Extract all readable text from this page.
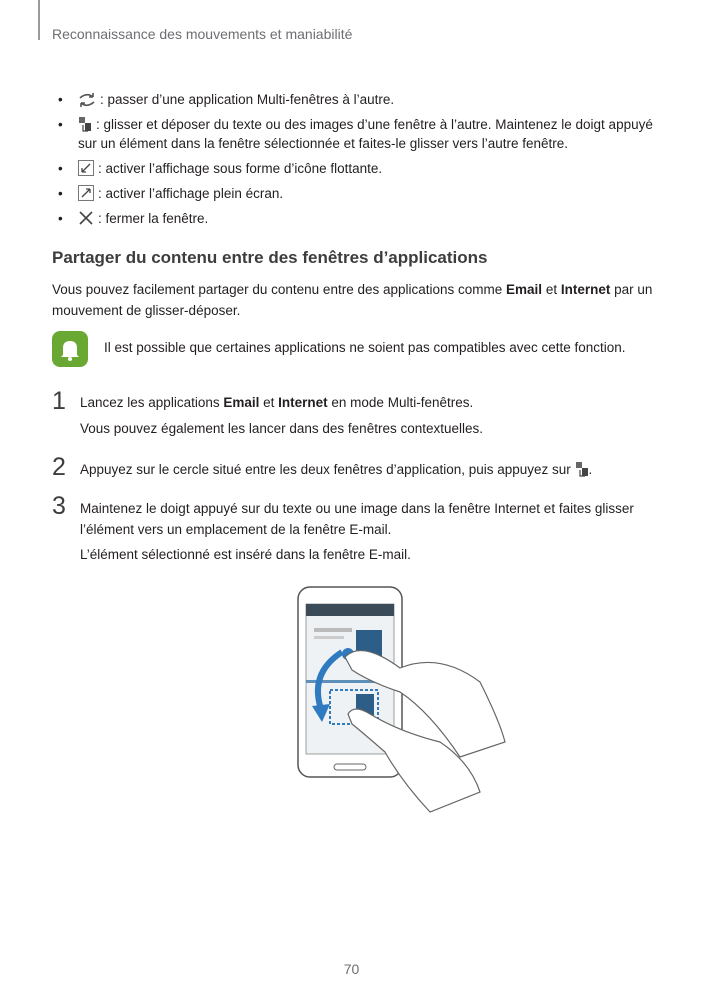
Reconnaissance des mouvements et maniabilité
•	: passer d’une application Multi-fenêtres à l’autre.
• : glisser et déposer du texte ou des images d’une fenêtre à l’autre. Maintenez le doigt appuyé sur un élément dans la fenêtre sélectionnée et faites-le glisser vers l’autre fenêtre.
•	: activer l’affichage sous forme d’icône flottante.
•	: activer l’affichage plein écran.
•	: fermer la fenêtre.
Partager du contenu entre des fenêtres d’applications

Vous pouvez facilement partager du contenu entre des applications comme Email et Internet par un mouvement de glisser-déposer.

Il est possible que certaines applications ne soient pas compatibles avec cette fonction.
1 Lancez les applications Email et Internet en mode Multi-fenêtres.
Vous pouvez également les lancer dans des fenêtres contextuelles.
2 Appuyez sur le cercle situé entre les deux fenêtres d’application, puis appuyez sur .
3 Maintenez le doigt appuyé sur du texte ou une image dans la fenêtre Internet et faites glisser l’élément vers un emplacement de la fenêtre E-mail.
L’élément sélectionné est inséré dans la fenêtre E-mail.
70
